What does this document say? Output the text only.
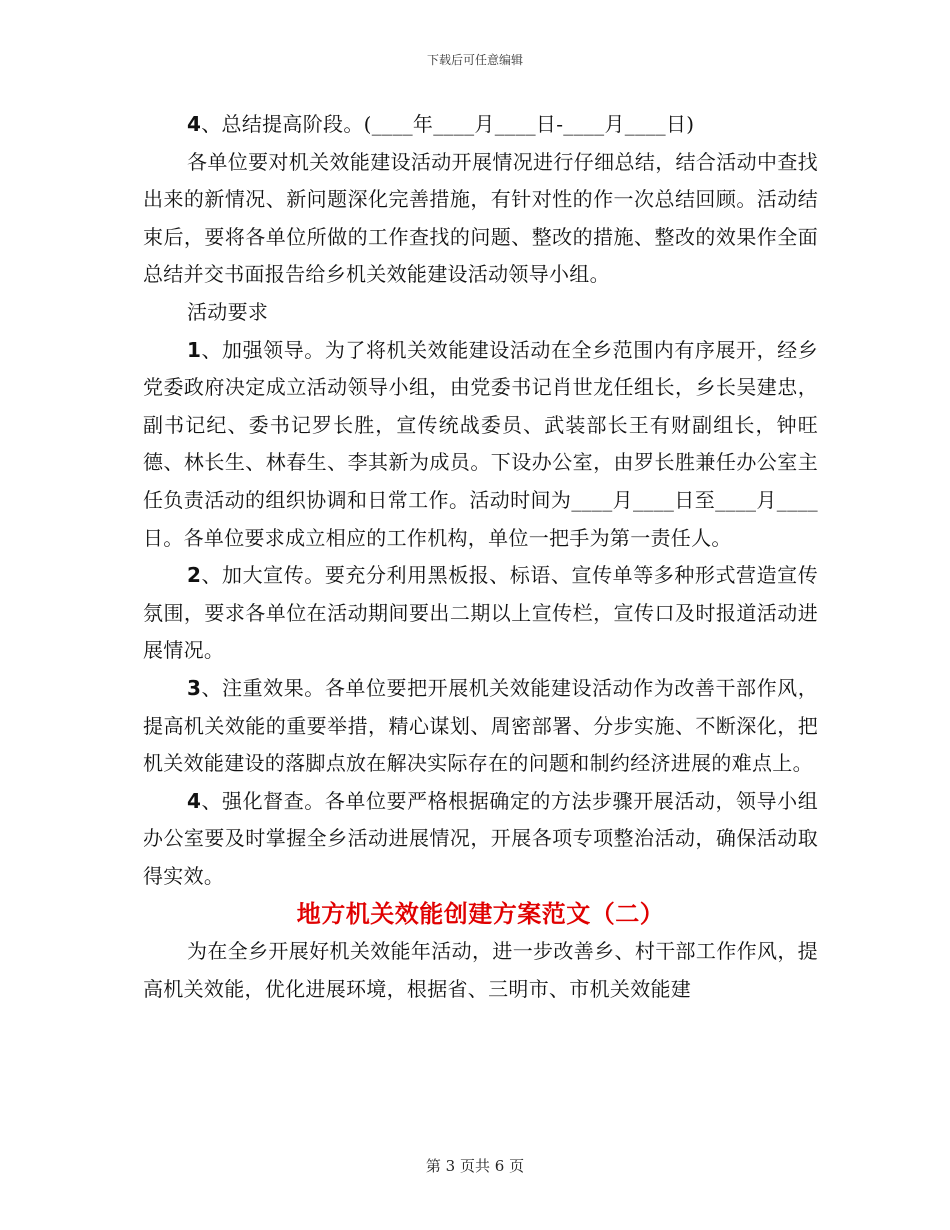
下载后可任意编辑

4、总结提高阶段。(____年____月____日-____月____日)

各单位要对机关效能建设活动开展情况进行仔细总结，结合活动中查找出来的新情况、新问题深化完善措施，有针对性的作一次总结回顾。活动结束后，要将各单位所做的工作查找的问题、整改的措施、整改的效果作全面总结并交书面报告给乡机关效能建设活动领导小组。

活动要求

1、加强领导。为了将机关效能建设活动在全乡范围内有序展开，经乡党委政府决定成立活动领导小组，由党委书记肖世龙任组长，乡长吴建忠，副书记纪、委书记罗长胜，宣传统战委员、武装部长王有财副组长，钟旺德、林长生、林春生、李其新为成员。下设办公室，由罗长胜兼任办公室主任负责活动的组织协调和日常工作。活动时间为____月____日至____月____日。各单位要求成立相应的工作机构，单位一把手为第一责任人。

2、加大宣传。要充分利用黑板报、标语、宣传单等多种形式营造宣传氛围，要求各单位在活动期间要出二期以上宣传栏，宣传口及时报道活动进展情况。

3、注重效果。各单位要把开展机关效能建设活动作为改善干部作风，提高机关效能的重要举措，精心谋划、周密部署、分步实施、不断深化，把机关效能建设的落脚点放在解决实际存在的问题和制约经济进展的难点上。

4、强化督查。各单位要严格根据确定的方法步骤开展活动，领导小组办公室要及时掌握全乡活动进展情况，开展各项专项整治活动，确保活动取得实效。

地方机关效能创建方案范文（二）

为在全乡开展好机关效能年活动，进一步改善乡、村干部工作作风，提高机关效能，优化进展环境，根据省、三明市、市机关效能建

第 3 页共 6 页
